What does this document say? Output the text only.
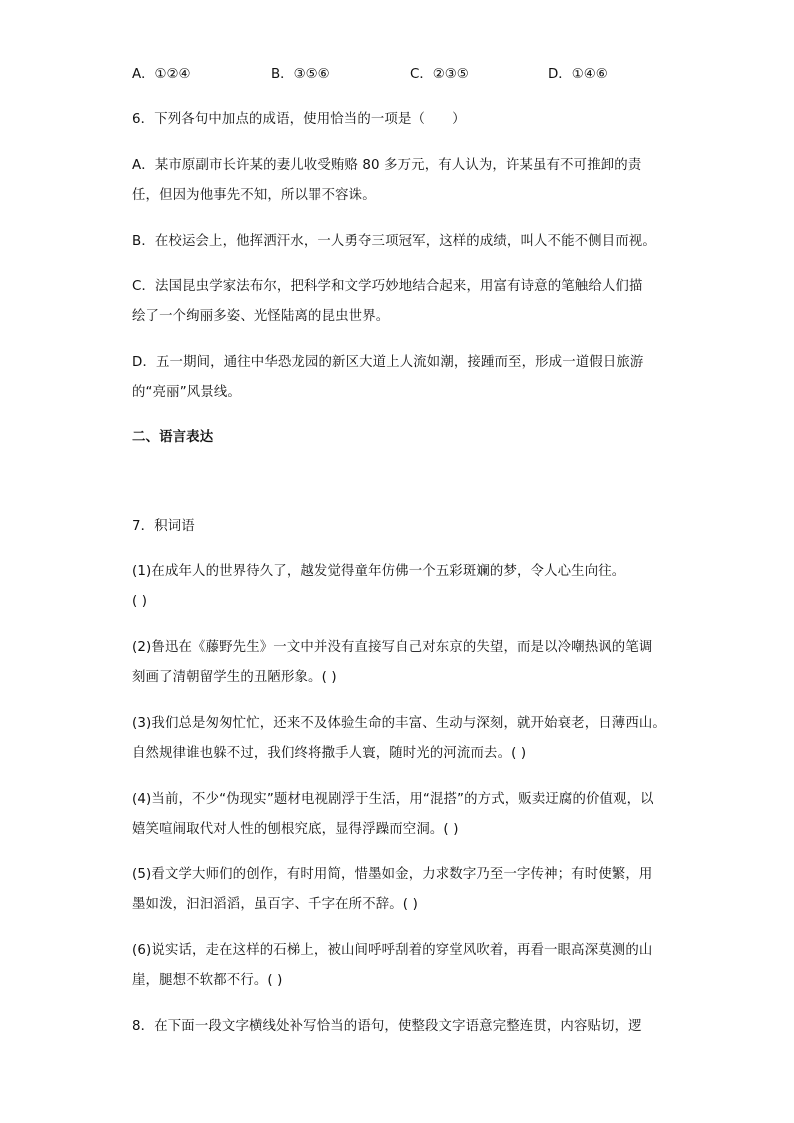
A．①②④	B．③⑤⑥	C．②③⑤	D．①④⑥
6．下列各句中加点的成语，使用恰当的一项是（　　）
A．某市原副市长许某的妻儿收受贿赂 80 多万元，有人认为，许某虽有不可推卸的责
任，但因为他事先不知，所以罪不容诛。
B．在校运会上，他挥洒汗水，一人勇夺三项冠军，这样的成绩，叫人不能不侧目而视。
C．法国昆虫学家法布尔，把科学和文学巧妙地结合起来，用富有诗意的笔触给人们描
绘了一个绚丽多姿、光怪陆离的昆虫世界。
D．五一期间，通往中华恐龙园的新区大道上人流如潮，接踵而至，形成一道假日旅游
的“亮丽”风景线。
二、语言表达
7．积词语
(1)在成年人的世界待久了，越发觉得童年仿佛一个五彩斑斓的梦，令人心生向往。
( )
(2)鲁迅在《藤野先生》一文中并没有直接写自己对东京的失望，而是以冷嘲热讽的笔调
刻画了清朝留学生的丑陋形象。( )
(3)我们总是匆匆忙忙，还来不及体验生命的丰富、生动与深刻，就开始衰老，日薄西山。
自然规律谁也躲不过，我们终将撒手人寰，随时光的河流而去。( )
(4)当前，不少“伪现实”题材电视剧浮于生活，用“混搭”的方式，贩卖迂腐的价值观，以
嬉笑喧闹取代对人性的刨根究底，显得浮躁而空洞。( )
(5)看文学大师们的创作，有时用简，惜墨如金，力求数字乃至一字传神；有时使繁，用
墨如泼，汩汩滔滔，虽百字、千字在所不辞。( )
(6)说实话，走在这样的石梯上，被山间呼呼刮着的穿堂风吹着，再看一眼高深莫测的山
崖，腿想不软都不行。( )
8．在下面一段文字横线处补写恰当的语句，使整段文字语意完整连贯，内容贴切，逻
